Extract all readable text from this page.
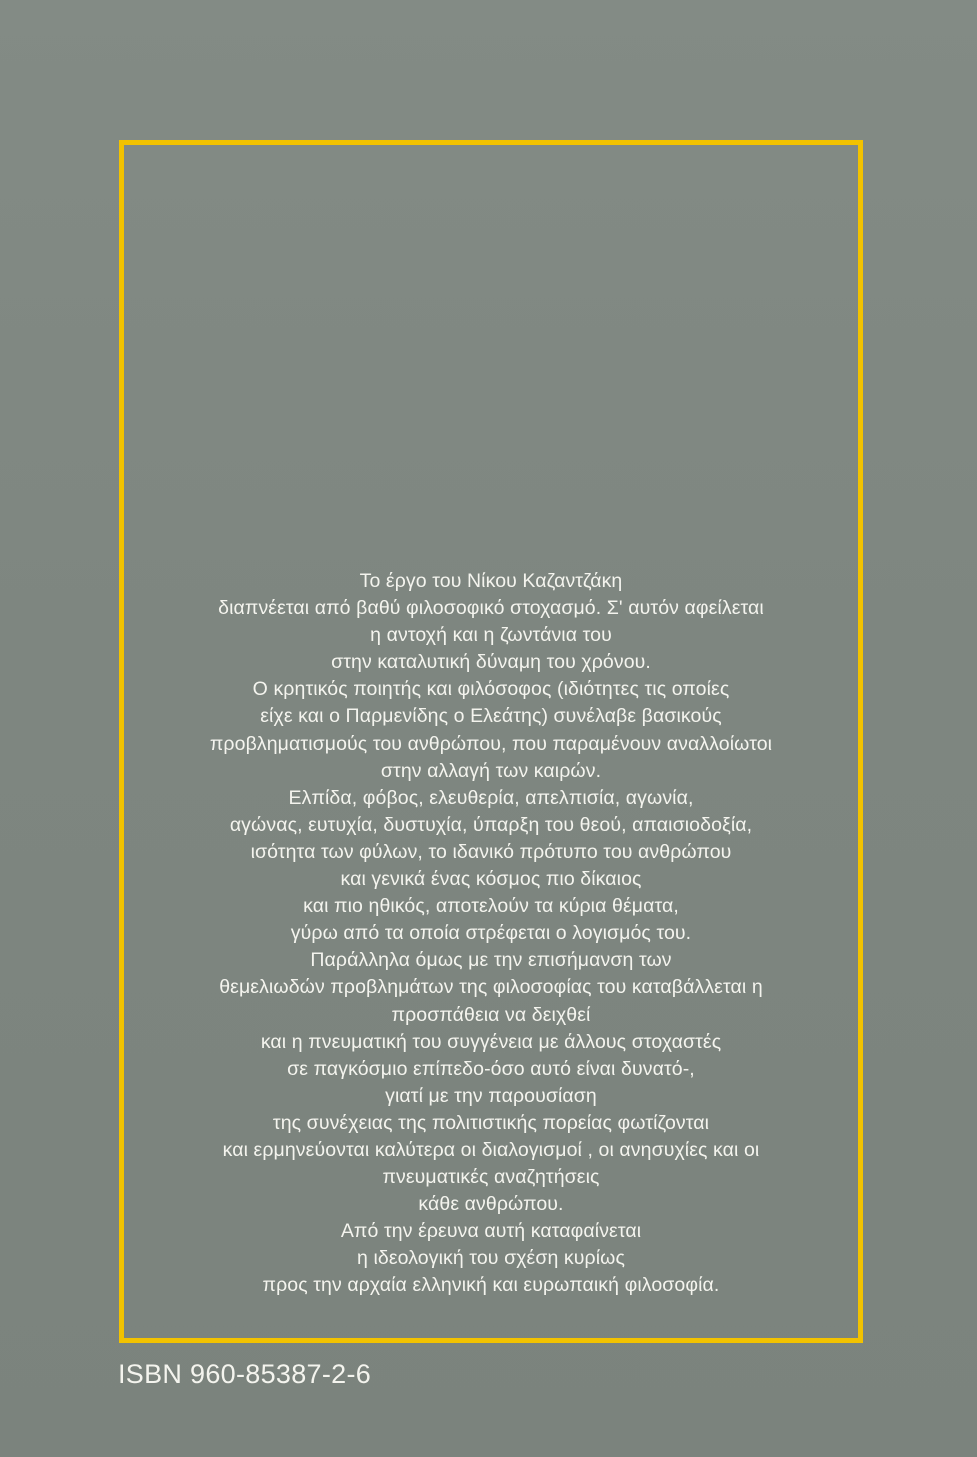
Το έργο του Νίκου Καζαντζάκη
διαπνέεται από βαθύ φιλοσοφικό στοχασμό. Σ' αυτόν αφείλεται
η αντοχή και η ζωντάνια του
στην καταλυτική δύναμη του χρόνου.
Ο κρητικός ποιητής και φιλόσοφος (ιδιότητες τις οποίες
είχε και ο Παρμενίδης ο Ελεάτης) συνέλαβε βασικούς
προβληματισμούς του ανθρώπου, που παραμένουν αναλλοίωτοι
στην αλλαγή των καιρών.
Ελπίδα, φόβος, ελευθερία, απελπισία, αγωνία,
αγώνας, ευτυχία, δυστυχία, ύπαρξη του θεού, απαισιοδοξία,
ισότητα των φύλων, το ιδανικό πρότυπο του ανθρώπου
και γενικά ένας κόσμος πιο δίκαιος
και πιο ηθικός, αποτελούν τα κύρια θέματα,
γύρω από τα οποία στρέφεται ο λογισμός του.
Παράλληλα όμως με την επισήμανση των
θεμελιωδών προβλημάτων της φιλοσοφίας του καταβάλλεται η
προσπάθεια να δειχθεί
και η πνευματική του συγγένεια με άλλους στοχαστές
σε παγκόσμιο επίπεδο-όσο αυτό είναι δυνατό-,
γιατί με την παρουσίαση
της συνέχειας της πολιτιστικής πορείας φωτίζονται
και ερμηνεύονται καλύτερα οι διαλογισμοί , οι ανησυχίες και οι
πνευματικές αναζητήσεις
κάθε ανθρώπου.
Από την έρευνα αυτή καταφαίνεται
η ιδεολογική του σχέση κυρίως
προς την αρχαία ελληνική και ευρωπαική φιλοσοφία.
ISBN 960-85387-2-6
